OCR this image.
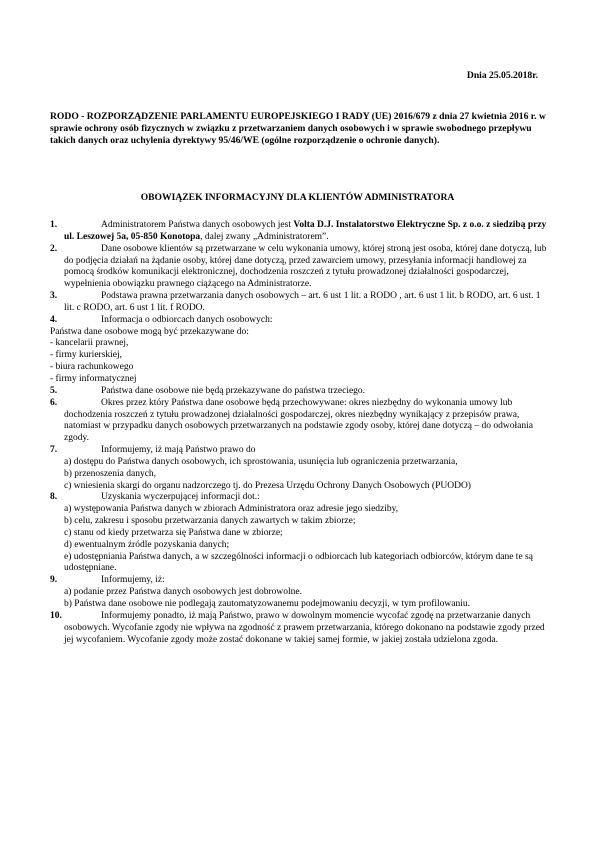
Dnia 25.05.2018r.
RODO - ROZPORZĄDZENIE PARLAMENTU EUROPEJSKIEGO I RADY (UE) 2016/679 z dnia 27 kwietnia 2016 r. w sprawie ochrony osób fizycznych w związku z przetwarzaniem danych osobowych i w sprawie swobodnego przepływu takich danych oraz uchylenia dyrektywy 95/46/WE (ogólne rozporządzenie o ochronie danych).
OBOWIĄZEK INFORMACYJNY DLA KLIENTÓW ADMINISTRATORA
1.	Administratorem Państwa danych osobowych jest Volta D.J. Instalatorstwo Elektryczne Sp. z o.o. z siedzibą przy ul. Leszowej 5a, 05-850 Konotopa, dalej zwany „Administratorem”.
2.	Dane osobowe klientów są przetwarzane w celu wykonania umowy, której stroną jest osoba, której dane dotyczą, lub do podjęcia działań na żądanie osoby, której dane dotyczą, przed zawarciem umowy, przesyłania informacji handlowej za pomocą środków komunikacji elektronicznej, dochodzenia roszczeń z tytułu prowadzonej działalności gospodarczej, wypełnienia obowiązku prawnego ciążącego na Administratorze.
3.	Podstawa prawna przetwarzania danych osobowych – art. 6 ust 1 lit. a RODO , art. 6 ust 1 lit. b RODO, art. 6 ust. 1 lit. c RODO, art. 6 ust 1 lit. f RODO.
4.	Informacja o odbiorcach danych osobowych:
Państwa dane osobowe mogą być przekazywane do:
- kancelarii prawnej,
- firmy kurierskiej,
- biura rachunkowego
- firmy informatycznej
5.	Państwa dane osobowe nie będą przekazywane do państwa trzeciego.
6.	Okres przez który Państwa dane osobowe będą przechowywane: okres niezbędny do wykonania umowy lub dochodzenia roszczeń z tytułu prowadzonej działalności gospodarczej, okres niezbędny wynikający z przepisów prawa, natomiast w przypadku danych osobowych przetwarzanych na podstawie zgody osoby, której dane dotyczą – do odwołania zgody.
7.	Informujemy, iż mają Państwo prawo do
a) dostępu do Państwa danych osobowych, ich sprostowania, usunięcia lub ograniczenia przetwarzania,
b) przenoszenia danych,
c) wniesienia skargi do organu nadzorczego tj. do Prezesa Urzędu Ochrony Danych Osobowych (PUODO)
8.	Uzyskania wyczerpującej informacji dot.:
a) występowania Państwa danych w zbiorach Administratora oraz adresie jego siedziby,
b) celu, zakresu i sposobu przetwarzania danych zawartych w takim zbiorze;
c) stanu od kiedy przetwarza się Państwa dane w zbiorze;
d) ewentualnym źródle pozyskania danych;
e) udostępniania Państwa danych, a w szczególności informacji o odbiorcach lub kategoriach odbiorców, którym dane te są udostępniane.
9.	Informujemy, iż:
a) podanie przez Państwa danych osobowych jest dobrowolne.
b) Państwa dane osobowe nie podlegają zautomatyzowanemu podejmowaniu decyzji, w tym profilowaniu.
10.	Informujemy ponadto, iż mają Państwo, prawo w dowolnym momencie wycofać zgodę na przetwarzanie danych osobowych. Wycofanie zgody nie wpływa na zgodność z prawem przetwarzania, którego dokonano na podstawie zgody przed jej wycofaniem. Wycofanie zgody może zostać dokonane w takiej samej formie, w jakiej została udzielona zgoda.
